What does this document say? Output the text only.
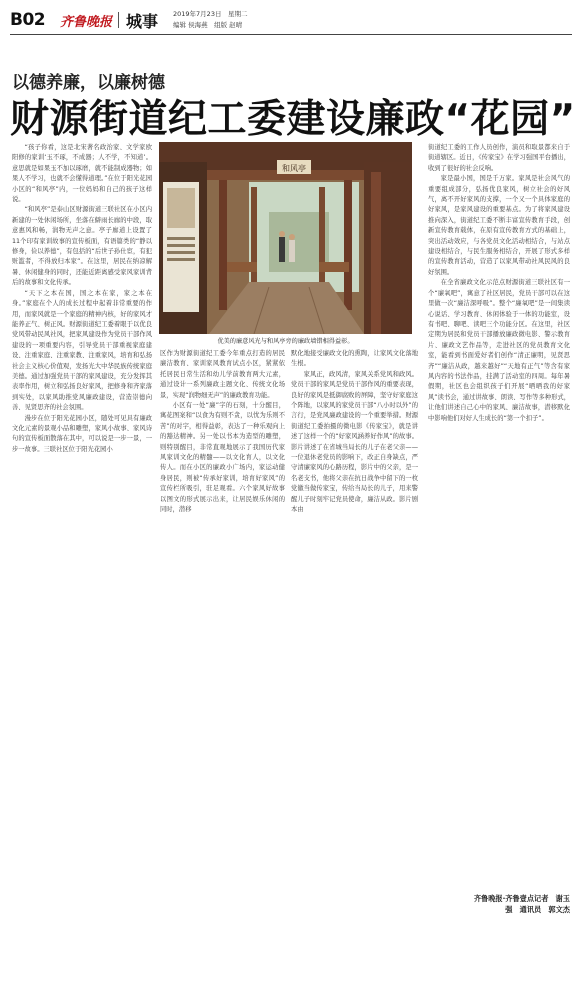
B02 齐鲁晚报 城事 2019年7月23日　星期二
编辑 侯海燕　组版 赵晴
以德养廉，以廉树德
财源街道纪工委建设廉政“花园”

“孩子你看，这是北宋著名政治家、文学家欧阳修的家训‘玉不琢，不成器；人不学，不知道’。意思就是如果玉不加以琢磨，就不能制成器物；如果人不学习，也就不会懂得道理。”在位于阳光花园小区的“和风亭”内，一位妈妈和自己的孩子这样说。

“和风亭”是泰山区财源街道三联社区在小区内新建的一处休闲场所，坐落在僻雨长廊的中段，取意惠风和畅，润物无声之意。亭子廊道上设置了11个印有家训故事的宣传板面，有语篇类的“静以修身，俭以养德”，有包括的“后世子孙仕宦，有犯赃滥者，不得放归本家”。在这里，居民在纳凉解暑、休闲健身的同时，还能近距离感受家风家训背后的故事和文化传承。

“天下之本在国，国之本在家，家之本在身。”家庭在个人的成长过程中起着非常重要的作用，而家风就是一个家庭的精神内核，好的家风才能养正气、树正风。财源街道纪工委着眼于以优良党风带动民风社风，把家风建设作为党员干部作风建设的一项重要内容，引导党员干部重视家庭建设、注重家庭、注重家教、注重家风，培育和弘扬社会主义核心价值观，发扬光大中华民族传统家庭美德。通过加强党员干部的家风建设，充分发挥其表率作用，树立和弘扬良好家风，把修身和齐家落到实处，以家风助推党风廉政建设，营造崇德向善、见贤思齐的社会氛围。

漫步在位于阳光花园小区，随处可见具有廉政文化元素的景观小品和雕塑，家风小故事、家风诗句的宣传板面散落在其中，可以说是一步一景，一步一故事。三联社区位于阳光花园小

和风亭
优美的廉意风光与和风亭旁的廉政墙错相得益彰。

区作为财源街道纪工委今年重点打造的居民廉洁教育、家训家风教育试点小区，紧紧依托居民日常生活和幼儿学前教育两大元素，通过设计一系列廉政主题文化、传统文化场景，实现“润物细无声”的廉政教育功能。

小区有一处“廉”字的石刻，十分醒目，寓花图案和“以食为有则不贪，以忧为乐则不苦”的对字，相得益彰，表达了一种乐观向上的豁达精神。另一处以书本为造型的雕塑，则特别醒目，非常直观地展示了我国历代家风家训文化的精髓——以文化育人，以文化传人。而在小区的廉政小广场内，家运动健身居民，则被“传承好家训，培育好家风”的宣传栏所吸引，驻足观看。六个家风好故事以图文的形式展示出来，让居民娱乐休闲的同时，潜移

默化地接受廉政文化的熏陶，让家风文化落地生根。

家风正，政风清，家风关系党风和政风。党员干部的家风是党员干部作风的重要表现，良好的家风是抵御腐败的屏障，坚守好家庭这个阵地，以家风的家党员干部“八小时以外”的言行，是党风廉政建设的一个重要举措。财源街道纪工委拍摄的微电影《传家宝》，就是讲述了这样一个的“好家风涵养好作风”的故事。影片讲述了在省城当局长的儿子在老父亲——一位退休老党员的影响下，改正自身缺点，严守清廉家风的心路历程，影片中的父亲，是一名老支书，他将父亲在抗日战争中留下的一枚党徽当做传家宝，传给当局长的儿子，用来警醒儿子时刻牢记党员使命，廉洁从政。影片剧本由

街道纪工委的工作人员创作，演员和取景都来自于街道辖区。近日，《传家宝》在学习强国平台播出，收到了很好的社会反响。

家是最小国，国是千万家。家风是社会风气的重要组成部分，弘扬优良家风，树立社会的好风气，离不开好家风的支撑，一个又一个具体家庭的好家风，是家风建设的重要基点。为了将家风建设推向深入，街道纪工委不断丰富宣传教育手段，创新宣传教育载体，在原有宣传教育方式的基础上，突出活动效应，与各党员文化活动相结合，与站点建设相结合，与民生服务相结合，开展了形式多样的宣传教育活动，营造了以家风带动社风民风的良好氛围。

在全省廉政文化示范点财源街道三联社区有一个“廉氧吧”，寓意了社区居民，党员干部可以在这里做一次“廉洁深呼吸”。整个“廉氧吧”是一间集读心说话、学习教育、休闲体验于一体的功能室，设有书吧、聊吧、读吧三个功能分区。在这里，社区定期为居民和党员干部播放廉政微电影、警示教育片、廉政文艺作品等，走进社区的党员教育文化室，能看到书面爱好者们创作“清正廉明，见贤思齐”“廉洁从政，越来越好”“天地有正气”等含有家风内容的书法作品，挂满了活动室的四周。每年暑假期，社区也会组织孩子们开展“晒晒我的好家风”读书会，通过讲故事、朗读、写作等多种形式，让他们讲述自己心中的家风、廉洁故事，潜移默化中影响他们对好人生成长的“第一个扣子”。

齐鲁晚报·齐鲁壹点记者　谢玉
强　通讯员　郭文杰
